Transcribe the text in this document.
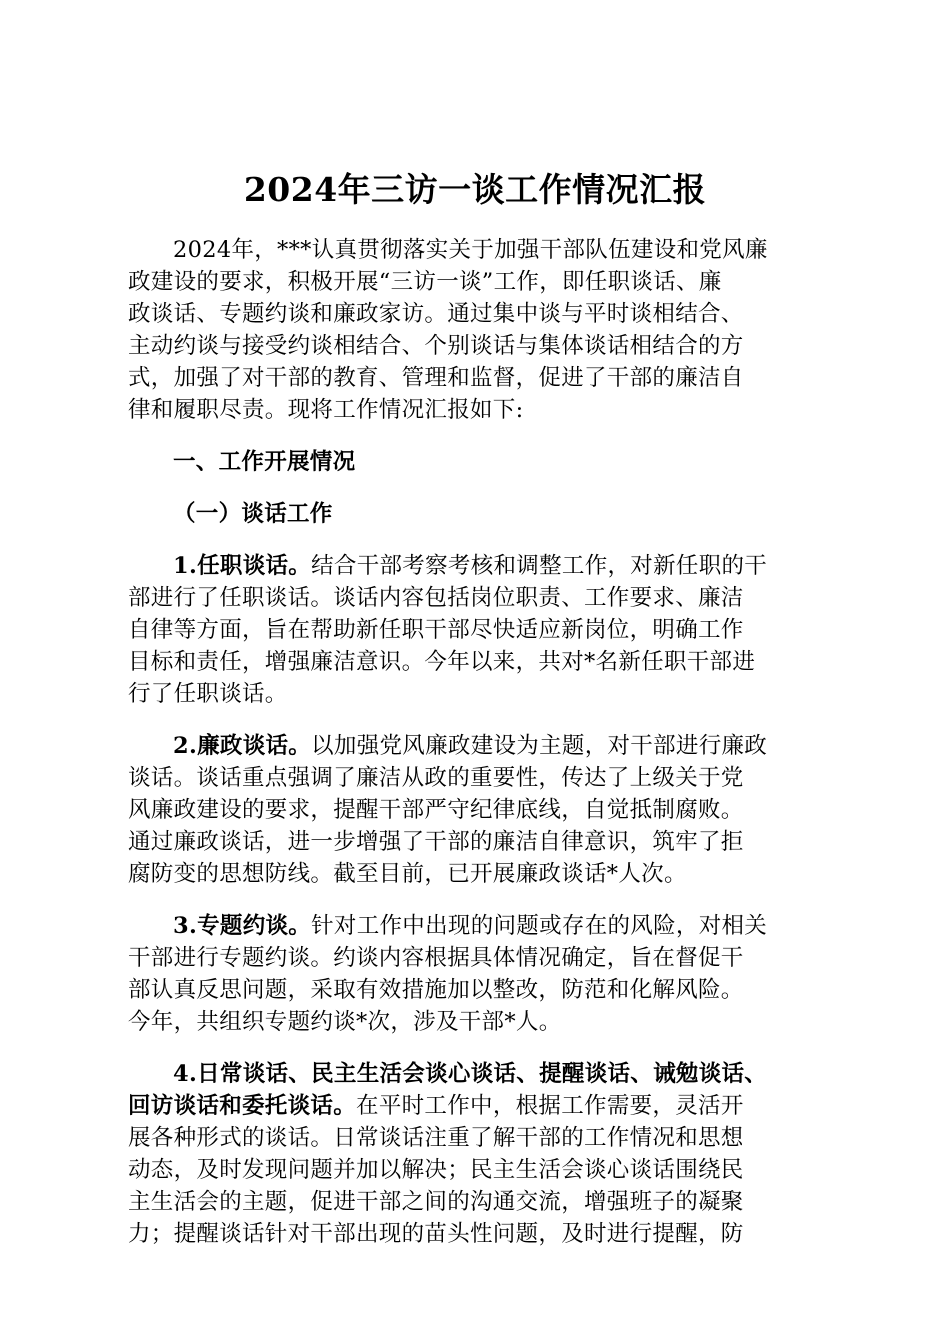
2024年三访一谈工作情况汇报
2024年，***认真贯彻落实关于加强干部队伍建设和党风廉
政建设的要求，积极开展“三访一谈”工作，即任职谈话、廉
政谈话、专题约谈和廉政家访。通过集中谈与平时谈相结合、
主动约谈与接受约谈相结合、个别谈话与集体谈话相结合的方
式，加强了对干部的教育、管理和监督，促进了干部的廉洁自
律和履职尽责。现将工作情况汇报如下:
一、工作开展情况
（一）谈话工作
1.任职谈话。结合干部考察考核和调整工作，对新任职的干
部进行了任职谈话。谈话内容包括岗位职责、工作要求、廉洁
自律等方面，旨在帮助新任职干部尽快适应新岗位，明确工作
目标和责任，增强廉洁意识。今年以来，共对*名新任职干部进
行了任职谈话。
2.廉政谈话。以加强党风廉政建设为主题，对干部进行廉政
谈话。谈话重点强调了廉洁从政的重要性，传达了上级关于党
风廉政建设的要求，提醒干部严守纪律底线，自觉抵制腐败。
通过廉政谈话，进一步增强了干部的廉洁自律意识，筑牢了拒
腐防变的思想防线。截至目前，已开展廉政谈话*人次。
3.专题约谈。针对工作中出现的问题或存在的风险，对相关
干部进行专题约谈。约谈内容根据具体情况确定，旨在督促干
部认真反思问题，采取有效措施加以整改，防范和化解风险。
今年，共组织专题约谈*次，涉及干部*人。
4.日常谈话、民主生活会谈心谈话、提醒谈话、诫勉谈话、
回访谈话和委托谈话。在平时工作中，根据工作需要，灵活开
展各种形式的谈话。日常谈话注重了解干部的工作情况和思想
动态，及时发现问题并加以解决；民主生活会谈心谈话围绕民
主生活会的主题，促进干部之间的沟通交流，增强班子的凝聚
力；提醒谈话针对干部出现的苗头性问题，及时进行提醒，防
